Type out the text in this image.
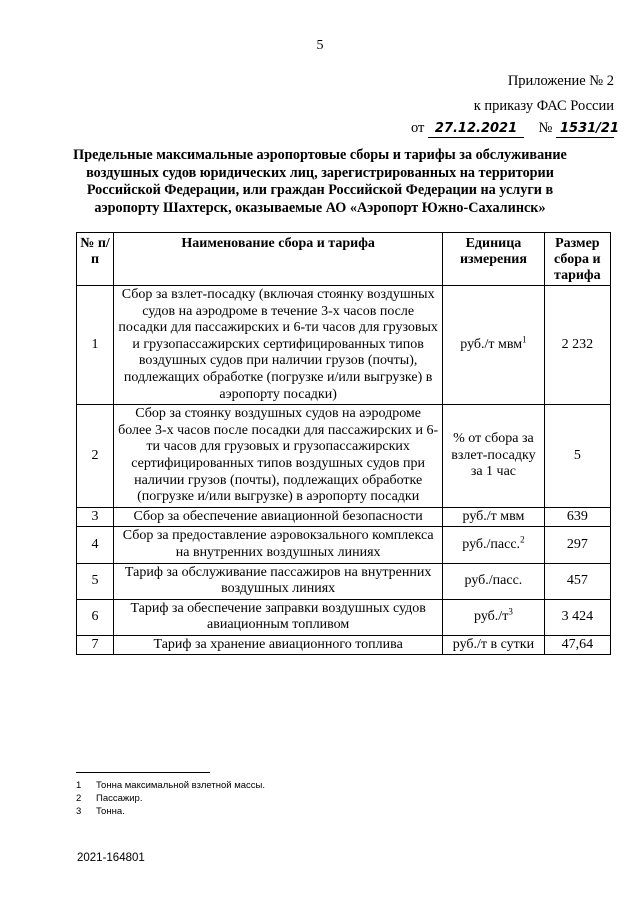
5
Приложение № 2
к приказу ФАС России
от 27.12.2021 № 1531/21
Предельные максимальные аэропортовые сборы и тарифы за обслуживание воздушных судов юридических лиц, зарегистрированных на территории Российской Федерации, или граждан Российской Федерации на услуги в аэропорту Шахтерск, оказываемые АО «Аэропорт Южно-Сахалинск»
№ п/п	Наименование сбора и тарифа	Единица измерения	Размер сбора и тарифа
1	Сбор за взлет-посадку (включая стоянку воздушных судов на аэродроме в течение 3-х часов после посадки для пассажирских и 6-ти часов для грузовых и грузопассажирских сертифицированных типов воздушных судов при наличии грузов (почты), подлежащих обработке (погрузке и/или выгрузке) в аэропорту посадки)	руб./т мвм$^1$	2 232
2	Сбор за стоянку воздушных судов на аэродроме более 3-х часов после посадки для пассажирских и 6-ти часов для грузовых и грузопассажирских сертифицированных типов воздушных судов при наличии грузов (почты), подлежащих обработке (погрузке и/или выгрузке) в аэропорту посадки	% от сбора за взлет-посадку за 1 час	5
3	Сбор за обеспечение авиационной безопасности	руб./т мвм	639
4	Сбор за предоставление аэровокзального комплекса на внутренних воздушных линиях	руб./пасс.$^2$	297
5	Тариф за обслуживание пассажиров на внутренних воздушных линиях	руб./пасс.	457
6	Тариф за обеспечение заправки воздушных судов авиационным топливом	$руб./т^3$	3 424
7	Тариф за хранение авиационного топлива	руб./т в сутки	47,64
1 Тонна максимальной взлетной массы.
2 Пассажир.
3 Тонна.
2021-164801
